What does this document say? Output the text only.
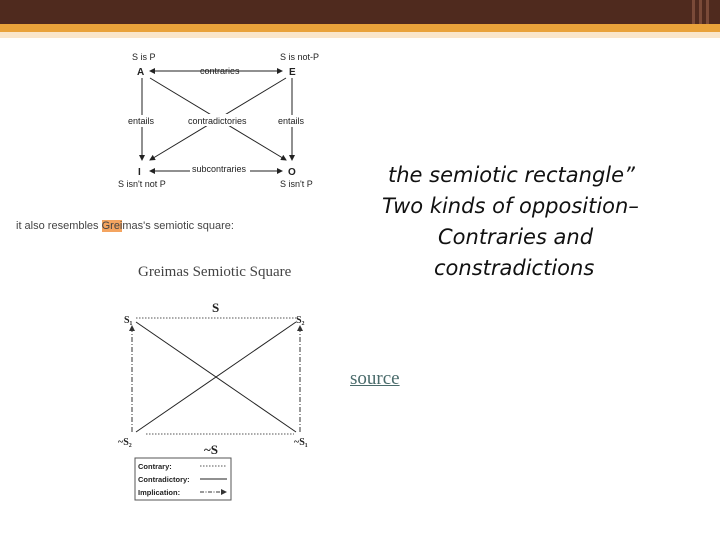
S is P	S is not-P
A	E
contraries
contradictories
entails	entails
subcontraries
I	O
S isn't not P	S isn't P
it also resembles Greimas's semiotic square:
Greimas Semiotic Square
S
S₁	S₂
~S₂	~S₁
~S
Contrary:
Contradictory:
Implication:
the semiotic rectangle”
Two kinds of opposition–
Contraries and
constradictions
source
